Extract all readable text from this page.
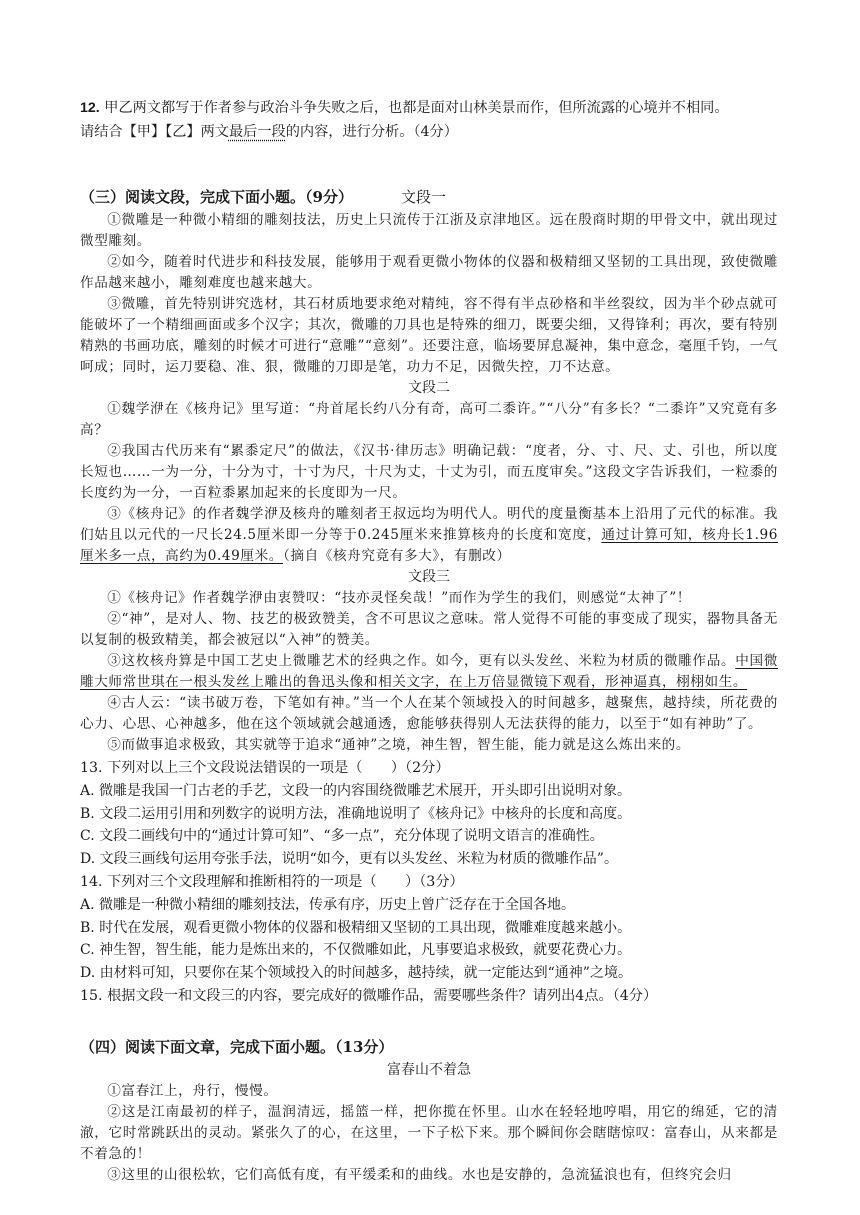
12. 甲乙两文都写于作者参与政治斗争失败之后，也都是面对山林美景而作，但所流露的心境并不相同。

请结合【甲】【乙】两文最后一段的内容，进行分析。（4分）

（三）阅读文段，完成下面小题。（9分）	文段一

①微雕是一种微小精细的雕刻技法，历史上只流传于江浙及京津地区。远在殷商时期的甲骨文中，就出现过微型雕刻。

②如今，随着时代进步和科技发展，能够用于观看更微小物体的仪器和极精细又坚韧的工具出现，致使微雕作品越来越小，雕刻难度也越来越大。

③微雕，首先特别讲究选材，其石材质地要求绝对精纯，容不得有半点砂格和半丝裂纹，因为半个砂点就可能破坏了一个精细画面或多个汉字；其次，微雕的刀具也是特殊的细刀，既要尖细，又得锋利；再次，要有特别精熟的书画功底，雕刻的时候才可进行“意雕”“意刻”。还要注意，临场要屏息凝神，集中意念，毫厘千钧，一气呵成；同时，运刀要稳、准、狠，微雕的刀即是笔，功力不足，因微失控，刀不达意。

文段二

①魏学洢在《核舟记》里写道：“舟首尾长约八分有奇，高可二黍许。”“八分”有多长？“二黍许”又究竟有多高？

②我国古代历来有“累黍定尺”的做法，《汉书·律历志》明确记载：“度者，分、寸、尺、丈、引也，所以度长短也……一为一分，十分为寸，十寸为尺，十尺为丈，十丈为引，而五度审矣。”这段文字告诉我们，一粒黍的长度约为一分，一百粒黍累加起来的长度即为一尺。

③《核舟记》的作者魏学洢及核舟的雕刻者王叔远均为明代人。明代的度量衡基本上沿用了元代的标准。我们姑且以元代的一尺长24.5厘米即一分等于0.245厘米来推算核舟的长度和宽度，通过计算可知，核舟长1.96厘米多一点，高约为0.49厘米。（摘自《核舟究竟有多大》，有删改）

文段三

①《核舟记》作者魏学洢由衷赞叹：“技亦灵怪矣哉！”而作为学生的我们，则感觉“太神了”！

②“神”，是对人、物、技艺的极致赞美，含不可思议之意味。常人觉得不可能的事变成了现实，器物具备无以复制的极致精美，都会被冠以“入神”的赞美。

③这枚核舟算是中国工艺史上微雕艺术的经典之作。如今，更有以头发丝、米粒为材质的微雕作品。中国微雕大师常世琪在一根头发丝上雕出的鲁迅头像和相关文字，在上万倍显微镜下观看，形神逼真，栩栩如生。

④古人云：“读书破万卷，下笔如有神。”当一个人在某个领域投入的时间越多，越聚焦，越持续，所花费的心力、心思、心神越多，他在这个领域就会越通透，愈能够获得别人无法获得的能力，以至于“如有神助”了。

⑤而做事追求极致，其实就等于追求“通神”之境，神生智，智生能，能力就是这么炼出来的。

13. 下列对以上三个文段说法错误的一项是（　　）（2分）

A. 微雕是我国一门古老的手艺，文段一的内容围绕微雕艺术展开，开头即引出说明对象。

B. 文段二运用引用和列数字的说明方法，准确地说明了《核舟记》中核舟的长度和高度。

C. 文段二画线句中的“通过计算可知”、“多一点”，充分体现了说明文语言的准确性。

D. 文段三画线句运用夸张手法，说明“如今，更有以头发丝、米粒为材质的微雕作品”。

14. 下列对三个文段理解和推断相符的一项是（　　）（3分）

A. 微雕是一种微小精细的雕刻技法，传承有序，历史上曾广泛存在于全国各地。

B. 时代在发展，观看更微小物体的仪器和极精细又坚韧的工具出现，微雕难度越来越小。

C. 神生智，智生能，能力是炼出来的，不仅微雕如此，凡事要追求极致，就要花费心力。

D. 由材料可知，只要你在某个领域投入的时间越多，越持续，就一定能达到“通神”之境。

15. 根据文段一和文段三的内容，要完成好的微雕作品，需要哪些条件？请列出4点。（4分）

（四）阅读下面文章，完成下面小题。（13分）

富春山不着急

①富春江上，舟行，慢慢。

②这是江南最初的样子，温润清远，摇篮一样，把你揽在怀里。山水在轻轻地哼唱，用它的绵延，它的清澈，它时常跳跃出的灵动。紧张久了的心，在这里，一下子松下来。那个瞬间你会瞎瞎惊叹：富春山，从来都是不着急的！

③这里的山很松软，它们高低有度，有平缓柔和的曲线。水也是安静的，急流猛浪也有，但终究会归
